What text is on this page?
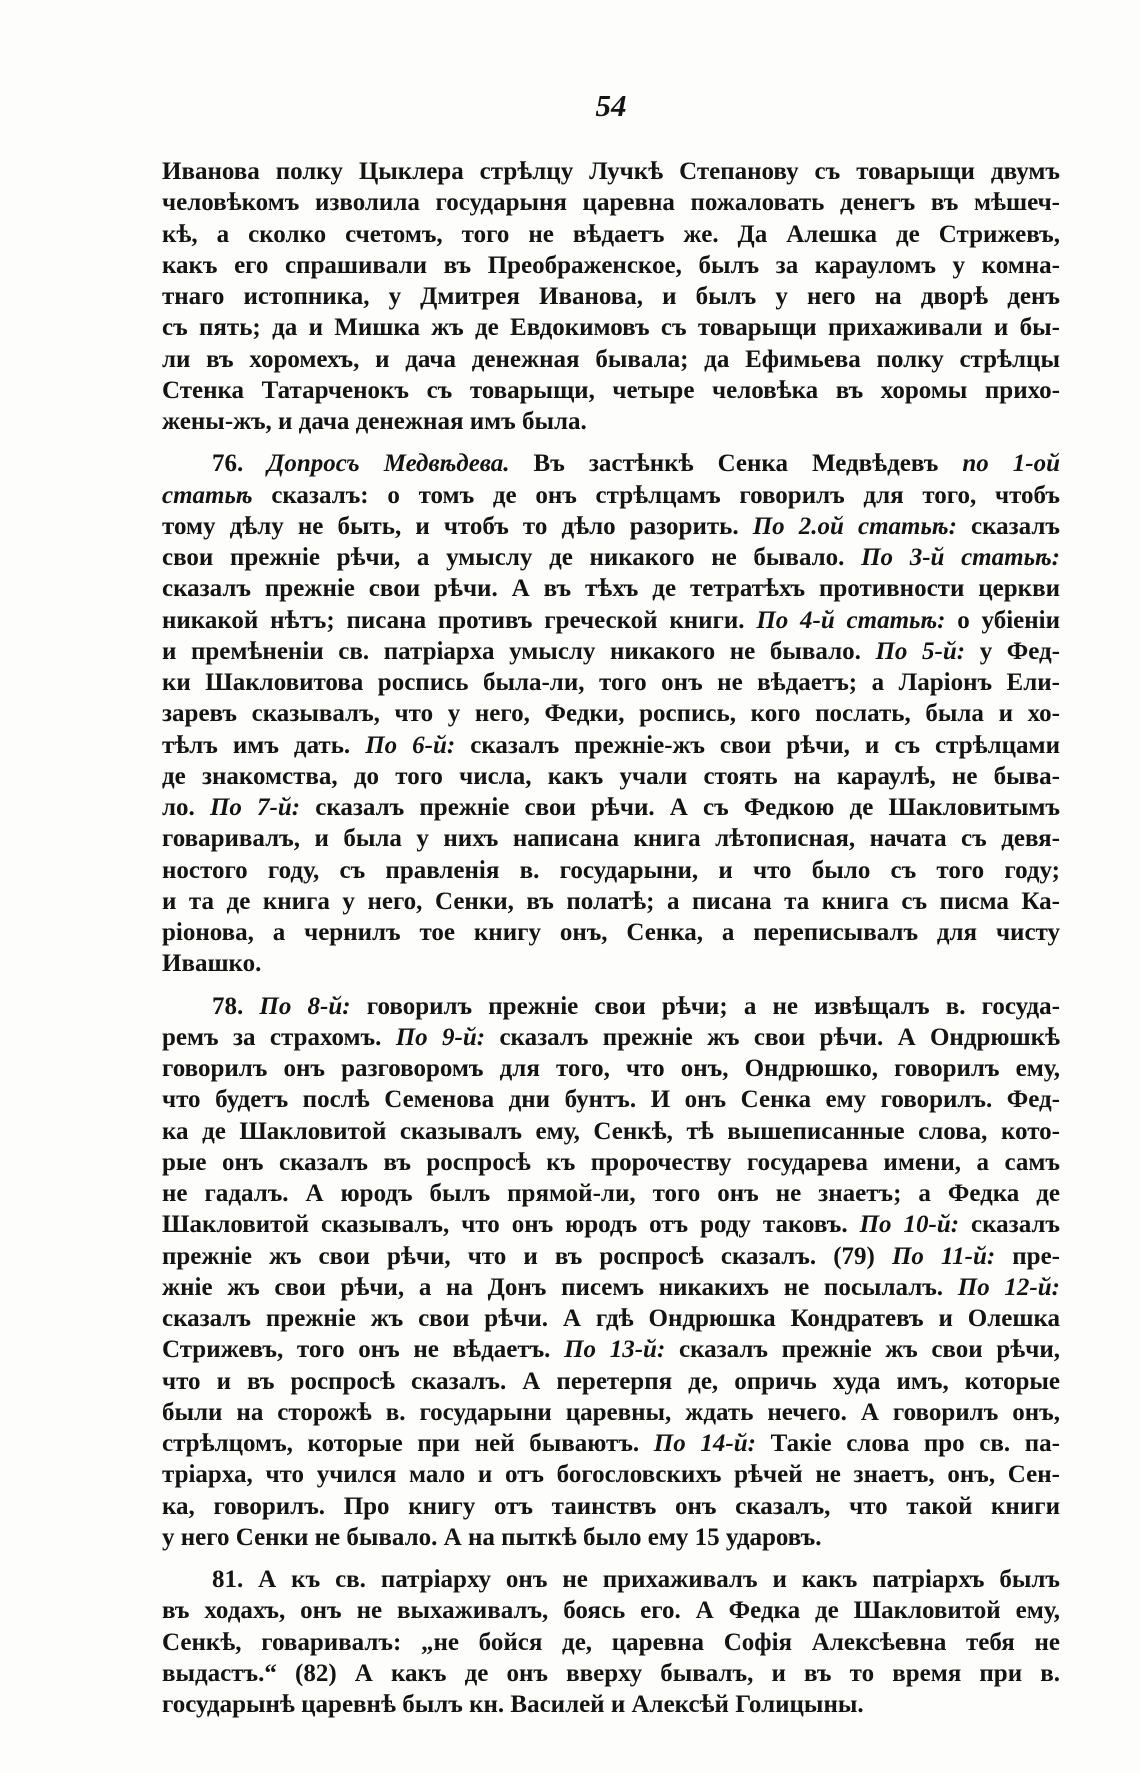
54
Иванова полку Цыклера стрѣлцу Лучкѣ Степанову съ товарыщи двумъ
человѣкомъ изволила государыня царевна пожаловать денегъ въ мѣшеч-
кѣ, а сколко счетомъ, того не вѣдаетъ же. Да Алешка де Стрижевъ,
какъ его спрашивали въ Преображенское, былъ за карауломъ у комна-
тнаго истопника, у Дмитрея Иванова, и былъ у него на дворѣ денъ
съ пять; да и Мишка жъ де Евдокимовъ съ товарыщи прихаживали и бы-
ли въ хоромехъ, и дача денежная бывала; да Ефимьева полку стрѣлцы
Стенка Татарченокъ съ товарыщи, четыре человѣка въ хоромы прихо-
жены-жъ, и дача денежная имъ была.
76. Допросъ Медвѣдева. Въ застѣнкѣ Сенка Медвѣдевъ по 1-ой
статьѣ сказалъ: о томъ де онъ стрѣлцамъ говорилъ для того, чтобъ
тому дѣлу не быть, и чтобъ то дѣло разорить. По 2.ой статьѣ: сказалъ
свои прежніе рѣчи, а умыслу де никакого не бывало. По 3-й статьѣ:
сказалъ прежніе свои рѣчи. А въ тѣхъ де тетратѣхъ противности церкви
никакой нѣтъ; писана противъ греческой книги. По 4-й статьѣ: о убіеніи
и премѣненіи св. патріарха умыслу никакого не бывало. По 5-й: у Фед-
ки Шакловитова роспись была-ли, того онъ не вѣдаетъ; а Ларіонъ Ели-
заревъ сказывалъ, что у него, Федки, роспись, кого послать, была и хо-
тѣлъ имъ дать. По 6-й: сказалъ прежніе-жъ свои рѣчи, и съ стрѣлцами
де знакомства, до того числа, какъ учали стоять на караулѣ, не быва-
ло. По 7-й: сказалъ прежніе свои рѣчи. А съ Федкою де Шакловитымъ
говаривалъ, и была у нихъ написана книга лѣтописная, начата съ девя-
ностого году, съ правленія в. государыни, и что было съ того году;
и та де книга у него, Сенки, въ полатѣ; а писана та книга съ писма Ка-
ріонова, а чернилъ тое книгу онъ, Сенка, а переписывалъ для чисту
Ивашко.
78. По 8-й: говорилъ прежніе свои рѣчи; а не извѣщалъ в. госуда-
ремъ за страхомъ. По 9-й: сказалъ прежніе жъ свои рѣчи. А Ондрюшкѣ
говорилъ онъ разговоромъ для того, что онъ, Ондрюшко, говорилъ ему,
что будетъ послѣ Семенова дни бунтъ. И онъ Сенка ему говорилъ. Фед-
ка де Шакловитой сказывалъ ему, Сенкѣ, тѣ вышеписанные слова, кото-
рые онъ сказалъ въ роспросѣ къ пророчеству государева имени, а самъ
не гадалъ. А юродъ былъ прямой-ли, того онъ не знаетъ; а Федка де
Шакловитой сказывалъ, что онъ юродъ отъ роду таковъ. По 10-й: сказалъ
прежніе жъ свои рѣчи, что и въ роспросѣ сказалъ. (79) По 11-й: пре-
жніе жъ свои рѣчи, а на Донъ писемъ никакихъ не посылалъ. По 12-й:
сказалъ прежніе жъ свои рѣчи. А гдѣ Ондрюшка Кондратевъ и Олешка
Стрижевъ, того онъ не вѣдаетъ. По 13-й: сказалъ прежніе жъ свои рѣчи,
что и въ роспросѣ сказалъ. А перетерпя де, опричь худа имъ, которые
были на сторожѣ в. государыни царевны, ждать нечего. А говорилъ онъ,
стрѣлцомъ, которые при ней бываютъ. По 14-й: Такіе слова про св. па-
тріарха, что учился мало и отъ богословскихъ рѣчей не знаетъ, онъ, Сен-
ка, говорилъ. Про книгу отъ таинствъ онъ сказалъ, что такой книги
у него Сенки не бывало. А на пыткѣ было ему 15 ударовъ.
81. А къ св. патріарху онъ не прихаживалъ и какъ патріархъ былъ
въ ходахъ, онъ не выхаживалъ, боясь его. А Федка де Шакловитой ему,
Сенкѣ, говаривалъ: „не бойся де, царевна Софія Алексѣевна тебя не
выдастъ.“ (82) А какъ де онъ вверху бывалъ, и въ то время при в.
государынѣ царевнѣ былъ кн. Василей и Алексѣй Голицыны.
